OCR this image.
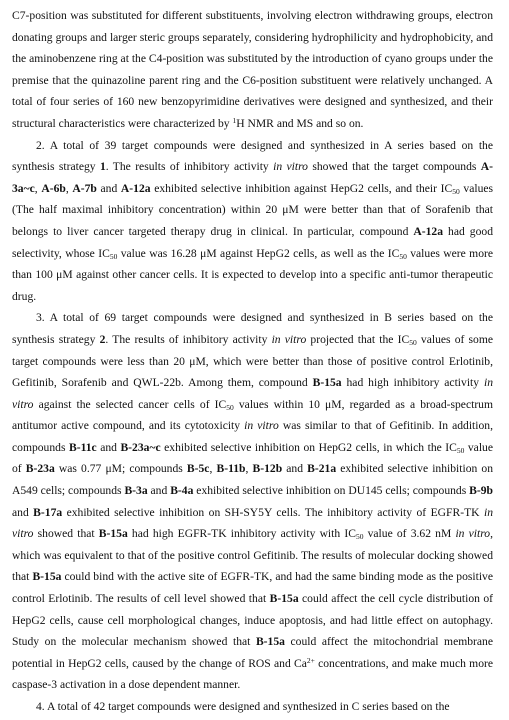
C7-position was substituted for different substituents, involving electron withdrawing groups, electron donating groups and larger steric groups separately, considering hydrophilicity and hydrophobicity, and the aminobenzene ring at the C4-position was substituted by the introduction of cyano groups under the premise that the quinazoline parent ring and the C6-position substituent were relatively unchanged. A total of four series of 160 new benzopyrimidine derivatives were designed and synthesized, and their structural characteristics were characterized by $^1$H NMR and MS and so on.

2. A total of 39 target compounds were designed and synthesized in A series based on the synthesis strategy 1. The results of inhibitory activity in vitro showed that the target compounds A-3a~c, A-6b, A-7b and A-12a exhibited selective inhibition against HepG2 cells, and their $IC_{50}$ values (The half maximal inhibitory concentration) within 20 μM were better than that of Sorafenib that belongs to liver cancer targeted therapy drug in clinical. In particular, compound A-12a had good selectivity, whose $IC_{50}$ value was 16.28 μM against HepG2 cells, as well as the $IC_{50}$ values were more than 100 μM against other cancer cells. It is expected to develop into a specific anti-tumor therapeutic drug.

3. A total of 69 target compounds were designed and synthesized in B series based on the synthesis strategy 2. The results of inhibitory activity in vitro projected that the $IC_{50}$ values of some target compounds were less than 20 μM, which were better than those of positive control Erlotinib, Gefitinib, Sorafenib and QWL-22b. Among them, compound B-15a had high inhibitory activity in vitro against the selected cancer cells of $IC_{50}$ values within 10 μM, regarded as a broad-spectrum antitumor active compound, and its cytotoxicity in vitro was similar to that of Gefitinib. In addition, compounds B-11c and B-23a~c exhibited selective inhibition on HepG2 cells, in which the $IC_{50}$ value of B-23a was 0.77 μM; compounds B-5c, B-11b, B-12b and B-21a exhibited selective inhibition on A549 cells; compounds B-3a and B-4a exhibited selective inhibition on DU145 cells; compounds B-9b and B-17a exhibited selective inhibition on SH-SY5Y cells. The inhibitory activity of EGFR-TK in vitro showed that B-15a had high EGFR-TK inhibitory activity with $IC_{50}$ value of 3.62 nM in vitro, which was equivalent to that of the positive control Gefitinib. The results of molecular docking showed that B-15a could bind with the active site of EGFR-TK, and had the same binding mode as the positive control Erlotinib. The results of cell level showed that B-15a could affect the cell cycle distribution of HepG2 cells, cause cell morphological changes, induce apoptosis, and had little effect on autophagy. Study on the molecular mechanism showed that B-15a could affect the mitochondrial membrane potential in HepG2 cells, caused by the change of ROS and $Ca^{2+}$ concentrations, and make much more caspase-3 activation in a dose dependent manner.

4. A total of 42 target compounds were designed and synthesized in C series based on the
